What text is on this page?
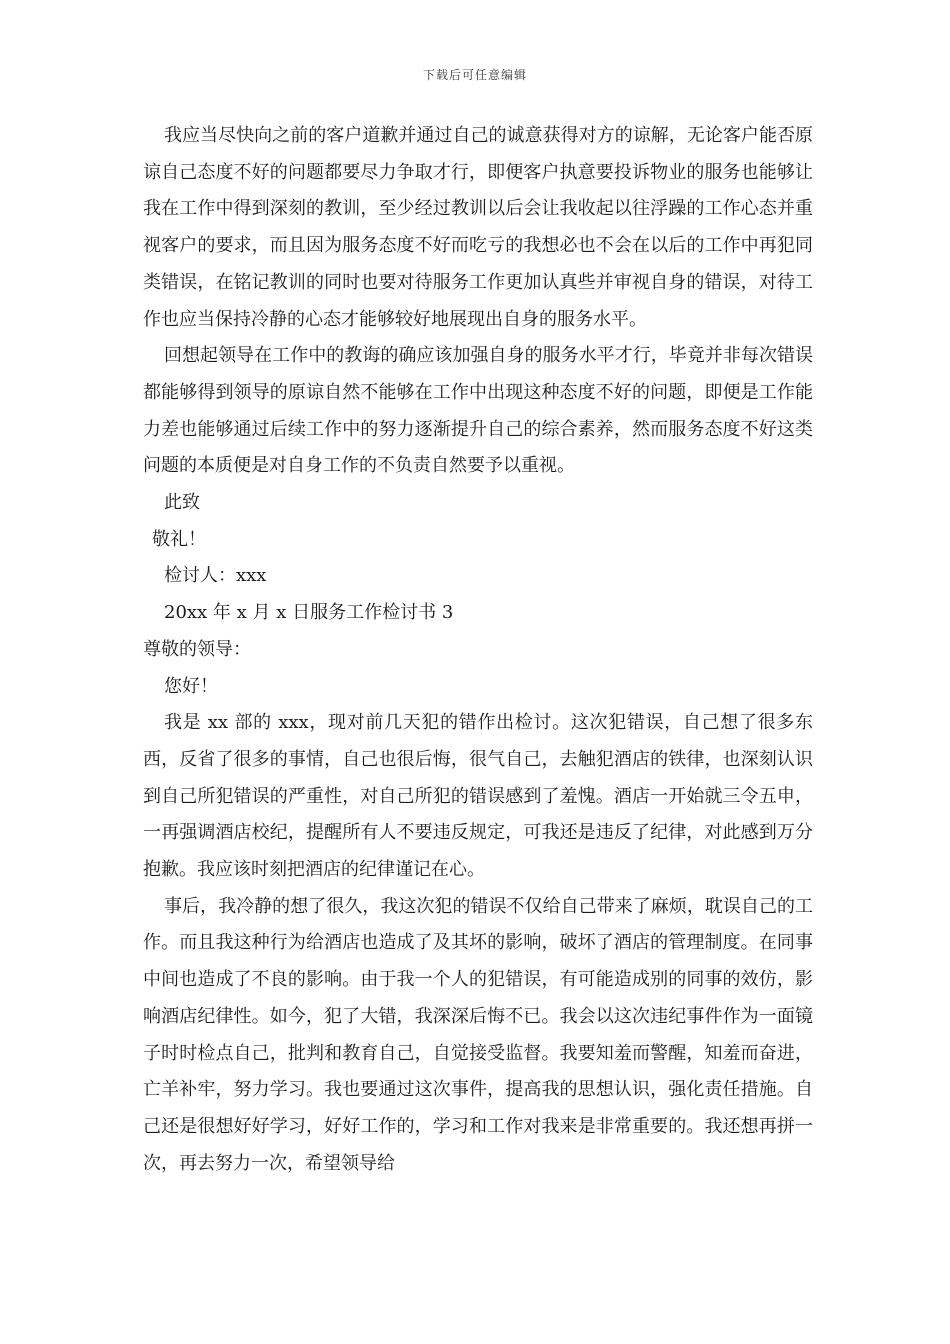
下载后可任意编辑

我应当尽快向之前的客户道歉并通过自己的诚意获得对方的谅解，无论客户能否原谅自己态度不好的问题都要尽力争取才行，即便客户执意要投诉物业的服务也能够让我在工作中得到深刻的教训，至少经过教训以后会让我收起以往浮躁的工作心态并重视客户的要求，而且因为服务态度不好而吃亏的我想必也不会在以后的工作中再犯同类错误，在铭记教训的同时也要对待服务工作更加认真些并审视自身的错误，对待工作也应当保持冷静的心态才能够较好地展现出自身的服务水平。

回想起领导在工作中的教诲的确应该加强自身的服务水平才行，毕竟并非每次错误都能够得到领导的原谅自然不能够在工作中出现这种态度不好的问题，即便是工作能力差也能够通过后续工作中的努力逐渐提升自己的综合素养，然而服务态度不好这类问题的本质便是对自身工作的不负责自然要予以重视。

此致

敬礼！

检讨人：xxx

20xx 年 x 月 x 日服务工作检讨书 3

尊敬的领导：

您好！

我是 xx 部的 xxx，现对前几天犯的错作出检讨。这次犯错误，自己想了很多东西，反省了很多的事情，自己也很后悔，很气自己，去触犯酒店的铁律，也深刻认识到自己所犯错误的严重性，对自己所犯的错误感到了羞愧。酒店一开始就三令五申，一再强调酒店校纪，提醒所有人不要违反规定，可我还是违反了纪律，对此感到万分抱歉。我应该时刻把酒店的纪律谨记在心。

事后，我冷静的想了很久，我这次犯的错误不仅给自己带来了麻烦，耽误自己的工作。而且我这种行为给酒店也造成了及其坏的影响，破坏了酒店的管理制度。在同事中间也造成了不良的影响。由于我一个人的犯错误，有可能造成别的同事的效仿，影响酒店纪律性。如今，犯了大错，我深深后悔不已。我会以这次违纪事件作为一面镜子时时检点自己，批判和教育自己，自觉接受监督。我要知羞而警醒，知羞而奋进，亡羊补牢，努力学习。我也要通过这次事件，提高我的思想认识，强化责任措施。自己还是很想好好学习，好好工作的，学习和工作对我来是非常重要的。我还想再拼一次，再去努力一次，希望领导给
